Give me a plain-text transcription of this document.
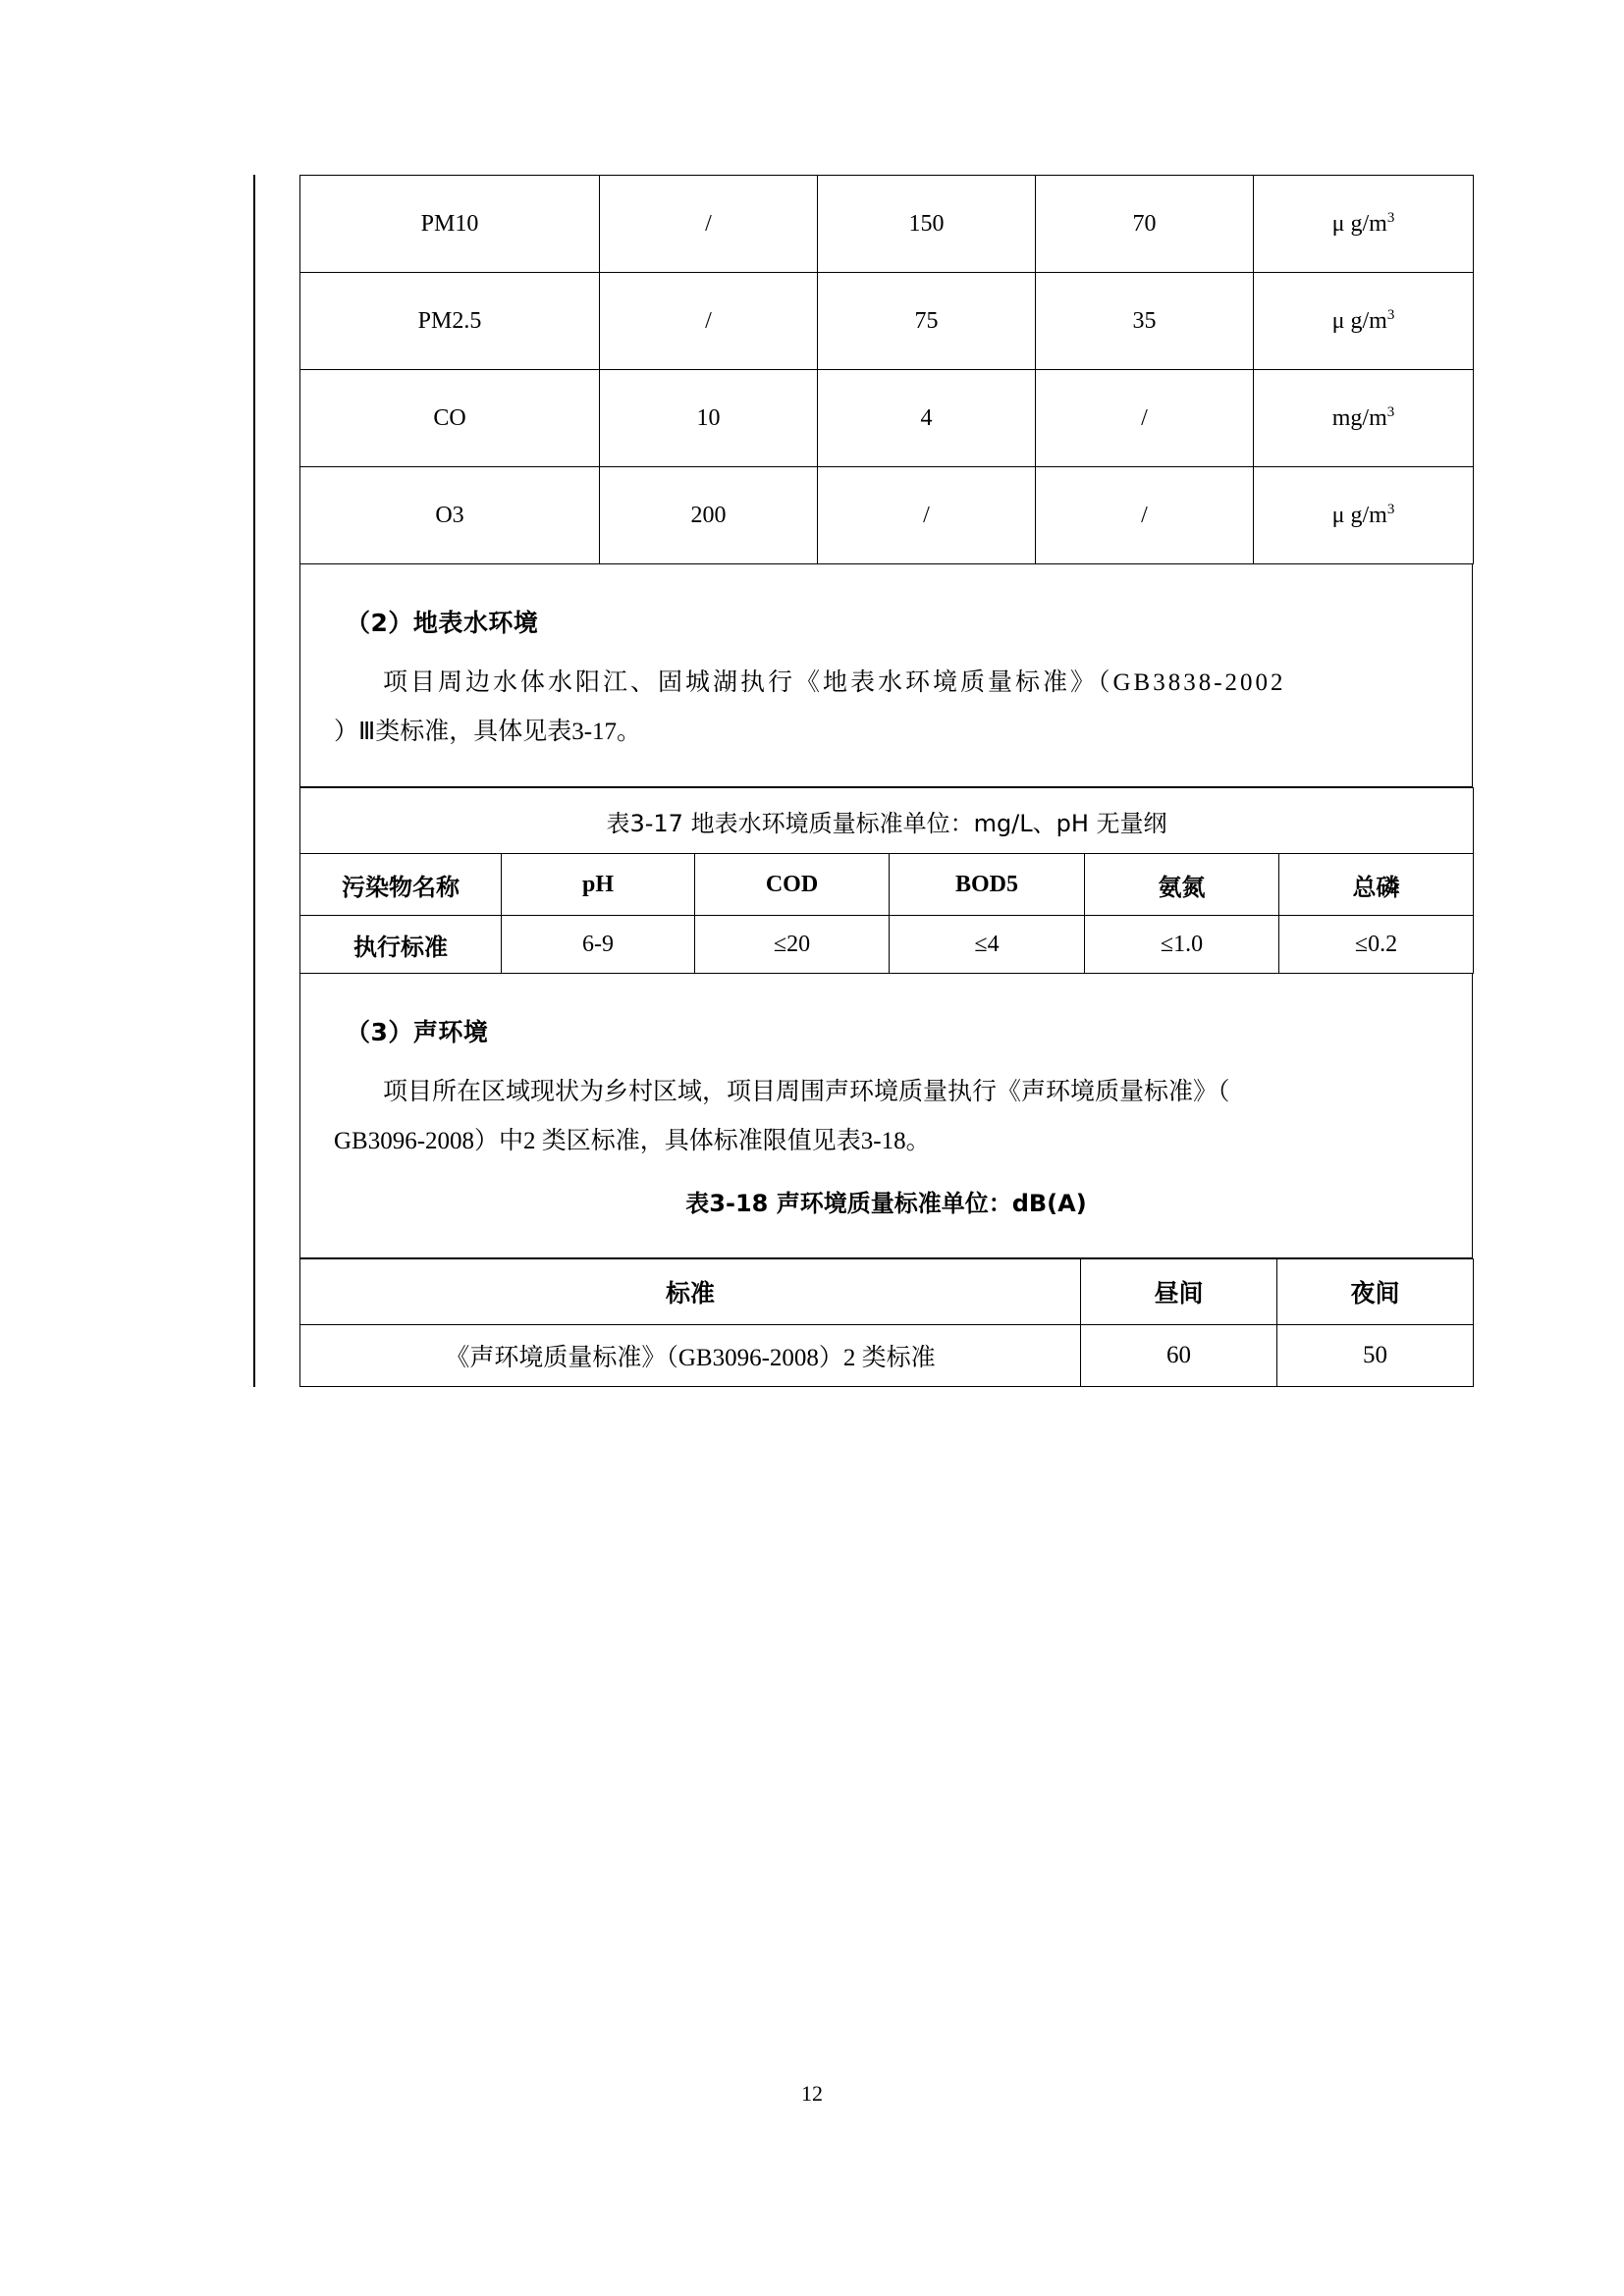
PM10	/	150	70	μ $g/m^3$
PM2.5	/	75	35	μ $g/m^3$
CO	10	4	/	$mg/m^3$
O3	200	/	/	μ $g/m^3$
（2）地表水环境
项目周边水体水阳江、固城湖执行《地表水环境质量标准》（GB3838-2002
）Ⅲ类标准，具体见表3-17。
表3-17 地表水环境质量标准单位：mg/L、pH 无量纲					
污染物名称	pH	COD	BOD5	氨氮	总磷
执行标准	6-9	≤20	≤4	≤1.0	≤0.2
（3）声环境
项目所在区域现状为乡村区域，项目周围声环境质量执行《声环境质量标准》（
GB3096-2008）中2 类区标准，具体标准限值见表3-18。
表3-18 声环境质量标准单位：dB(A)
标准	昼间	夜间
《声环境质量标准》（GB3096-2008）2 类标准	60	50
12
